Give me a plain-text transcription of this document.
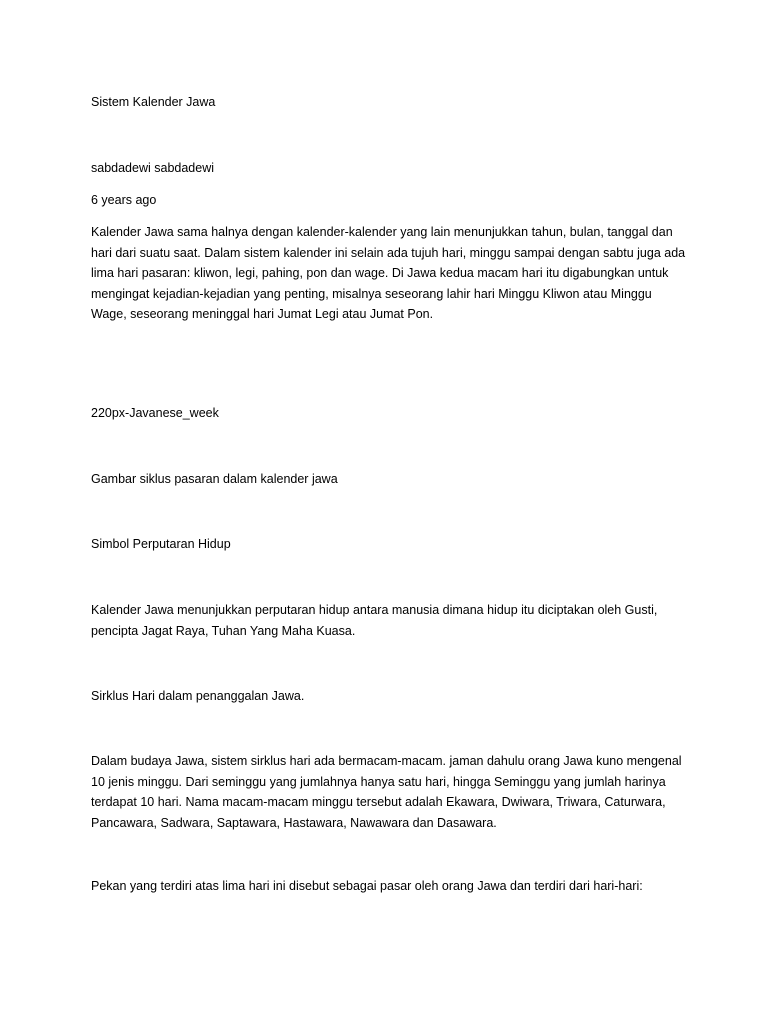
Sistem Kalender Jawa

sabdadewi sabdadewi

6 years ago

Kalender Jawa sama halnya dengan kalender-kalender yang lain menunjukkan tahun, bulan, tanggal dan hari dari suatu saat. Dalam sistem kalender ini selain ada tujuh hari, minggu sampai dengan sabtu juga ada lima hari pasaran: kliwon, legi, pahing, pon dan wage. Di Jawa kedua macam hari itu digabungkan untuk mengingat kejadian-kejadian yang penting, misalnya seseorang lahir hari Minggu Kliwon atau Minggu Wage, seseorang meninggal hari Jumat Legi atau Jumat Pon.

220px-Javanese_week

Gambar siklus pasaran dalam kalender jawa

Simbol Perputaran Hidup

Kalender Jawa menunjukkan perputaran hidup antara manusia dimana hidup itu diciptakan oleh Gusti, pencipta Jagat Raya, Tuhan Yang Maha Kuasa.

Sirklus Hari dalam penanggalan Jawa.

Dalam budaya Jawa, sistem sirklus hari ada bermacam-macam. jaman dahulu orang Jawa kuno mengenal 10 jenis minggu. Dari seminggu yang jumlahnya hanya satu hari, hingga Seminggu yang jumlah harinya terdapat 10 hari. Nama macam-macam minggu tersebut adalah Ekawara, Dwiwara, Triwara, Caturwara, Pancawara, Sadwara, Saptawara, Hastawara, Nawawara dan Dasawara.

Pekan yang terdiri atas lima hari ini disebut sebagai pasar oleh orang Jawa dan terdiri dari hari-hari:
